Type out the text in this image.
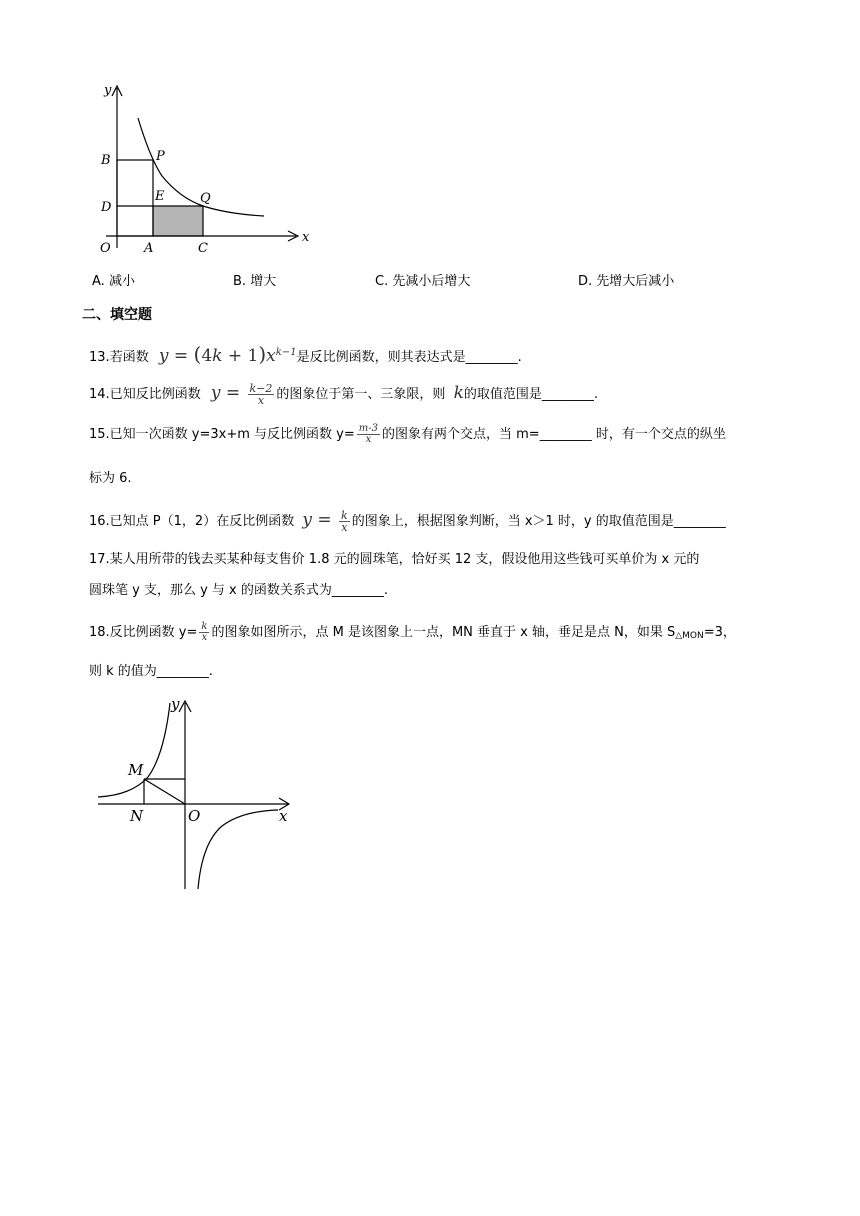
y
x
O	A	C
B
D
P
E	Q
A. 减小	B. 增大	C. 先减小后增大	D. 先增大后减小
二、填空题
13.若函数 $y = (4k + 1)x^{k-1}$是反比例函数，则其表达式是________.
14.已知反比例函数 $y = \frac{k-2}{x}$ 的图象位于第一、三象限，则 k的取值范围是________.
15.已知一次函数 y=3x+m 与反比例函数 $y= \frac{m-3}{x}$ 的图象有两个交点，当 m=________ 时，有一个交点的纵坐
标为 6.
16.已知点 P（1，2）在反比例函数 $y = \frac{k}{x}$ 的图象上，根据图象判断，当 x＞1 时，y 的取值范围是________
17.某人用所带的钱去买某种每支售价 1.8 元的圆珠笔，恰好买 12 支，假设他用这些钱可买单价为 x 元的
圆珠笔 y 支，那么 y 与 x 的函数关系式为________.
18.反比例函数 $y= \frac{k}{x}$ 的图象如图所示，点 M 是该图象上一点，MN 垂直于 x 轴，垂足是点 N，如果 $S_{\triangle MON}=3$，
则 k 的值为________.
y
x
M
N	O
